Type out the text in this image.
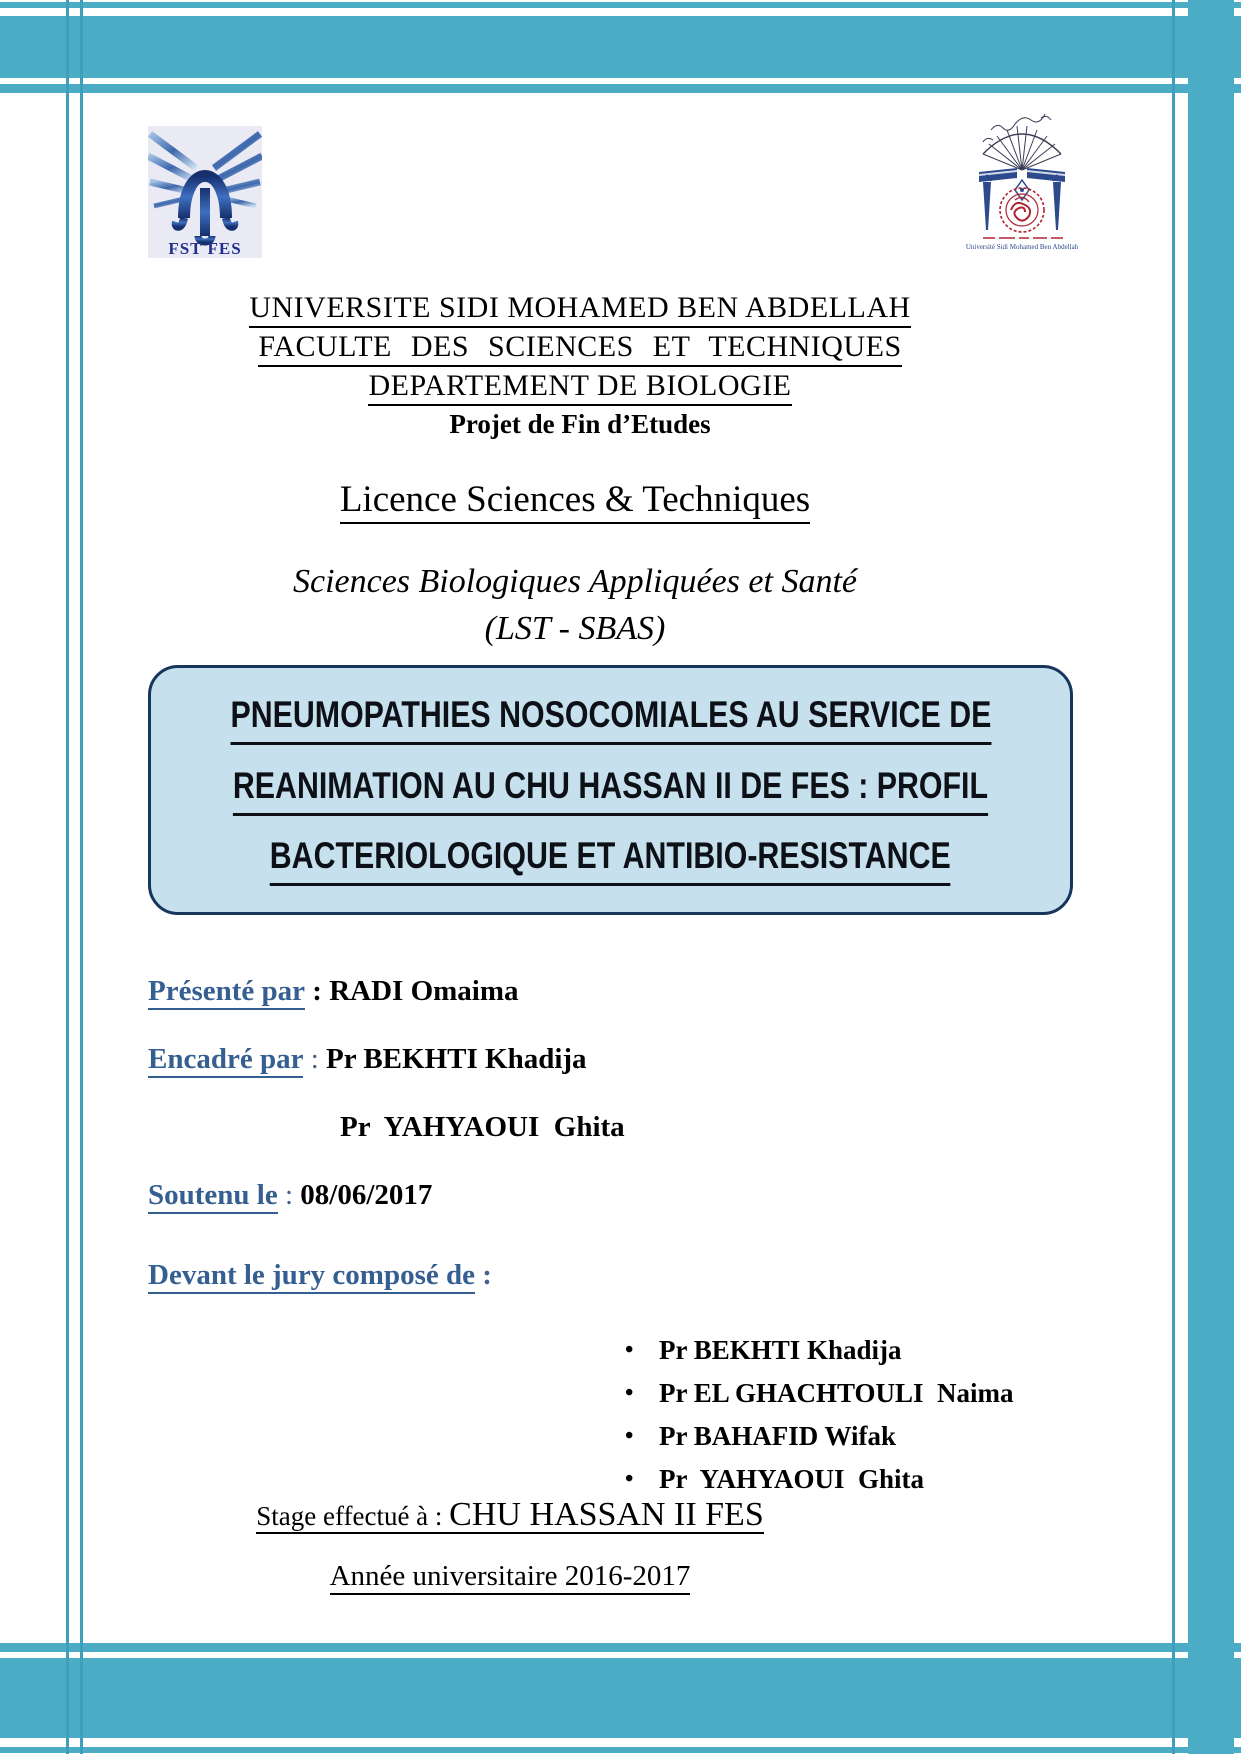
FST FES	Université Sidi Mohamed Ben Abdellah
UNIVERSITE SIDI MOHAMED BEN ABDELLAH
FACULTE DES SCIENCES ET TECHNIQUES
DEPARTEMENT DE BIOLOGIE
Projet de Fin d’Etudes
Licence Sciences & Techniques
Sciences Biologiques Appliquées et Santé
(LST - SBAS)
PNEUMOPATHIES NOSOCOMIALES AU SERVICE DE
REANIMATION AU CHU HASSAN II DE FES : PROFIL
BACTERIOLOGIQUE ET ANTIBIO-RESISTANCE
Présenté par : RADI Omaima
Encadré par : Pr BEKHTI Khadija
Pr  YAHYAOUI  Ghita
Soutenu le : 08/06/2017
Devant le jury composé de :

• Pr BEKHTI Khadija

• Pr EL GHACHTOULI  Naima

• Pr BAHAFID Wifak

• Pr  YAHYAOUI  Ghita

Stage effectué à : CHU HASSAN II FES
Année universitaire 2016-2017
